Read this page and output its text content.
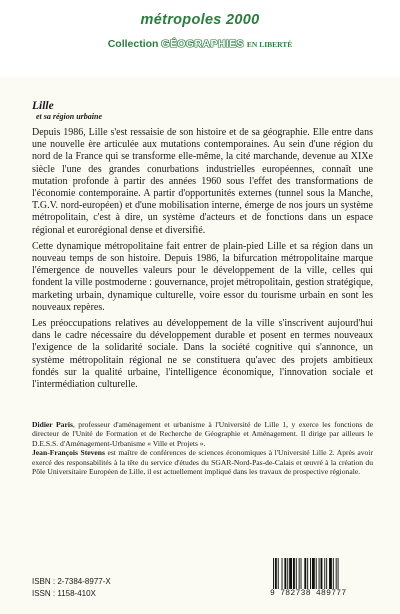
métropoles 2000
Collection GÉOGRAPHIES EN LIBERTÉ
Lille
et sa région urbaine

Depuis 1986, Lille s'est ressaisie de son histoire et de sa géographie. Elle entre dans une nouvelle ère articulée aux mutations contemporaines. Au sein d'une région du nord de la France qui se transforme elle-même, la cité marchande, devenue au XIXe siècle l'une des grandes conurbations industrielles européennes, connaît une mutation profonde à partir des années 1960 sous l'effet des transformations de l'économie contemporaine. A partir d'opportunités externes (tunnel sous la Manche, T.G.V. nord-européen) et d'une mobilisation interne, émerge de nos jours un système métropolitain, c'est à dire, un système d'acteurs et de fonctions dans un espace régional et eurorégional dense et diversifié.

Cette dynamique métropolitaine fait entrer de plain-pied Lille et sa région dans un nouveau temps de son histoire. Depuis 1986, la bifurcation métropolitaine marque l'émergence de nouvelles valeurs pour le développement de la ville, celles qui fondent la ville postmoderne : gouvernance, projet métropolitain, gestion stratégique, marketing urbain, dynamique culturelle, voire essor du tourisme urbain en sont les nouveaux repères.

Les préoccupations relatives au développement de la ville s'inscrivent aujourd'hui dans le cadre nécessaire du développement durable et posent en termes nouveaux l'exigence de la solidarité sociale. Dans la société cognitive qui s'annonce, un système métropolitain régional ne se constituera qu'avec des projets ambitieux fondés sur la qualité urbaine, l'intelligence économique, l'innovation sociale et l'intermédiation culturelle.

Didier Paris, professeur d'aménagement et urbanisme à l'Université de Lille 1, y exerce les fonctions de directeur de l'Unité de Formation et de Recherche de Géographie et Aménagement. Il dirige par ailleurs le D.E.S.S. d'Aménagement-Urbanisme « Ville et Projets ».

Jean-François Stevens est maître de conférences de sciences économiques à l'Université Lille 2. Après avoir exercé des responsabilités à la tête du service d'études du SGAR-Nord-Pas-de-Calais et œuvré à la création du Pôle Universitaire Européen de Lille, il est actuellement impliqué dans les travaux de prospective régionale.

ISBN : 2-7384-8977-X
ISSN : 1158-410X	9 782738 489777
